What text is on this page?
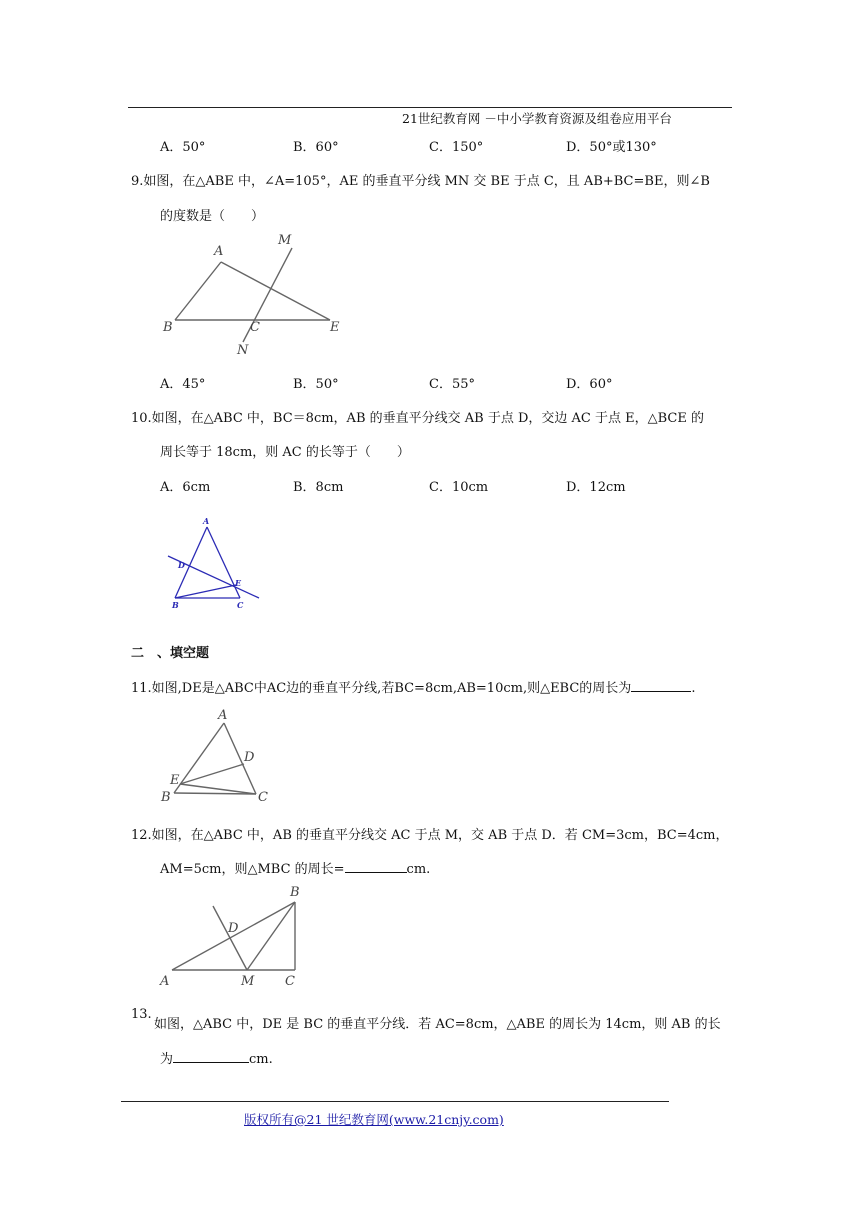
21世纪教育网 －中小学教育资源及组卷应用平台
A．50°	B．60°	C．150°	D．50°或130°
9.如图，在△ABE 中，∠A=105°，AE 的垂直平分线 MN 交 BE 于点 C，且 AB+BC=BE，则∠B
的度数是（　　）
A
M
B	C	E
N
A．45°	B．50°	C．55°	D．60°
10.如图，在△ABC 中，BC＝8cm，AB 的垂直平分线交 AB 于点 D，交边 AC 于点 E，△BCE 的
周长等于 18cm，则 AC 的长等于（　　）
A．6cm	B．8cm	C．10cm	D．12cm
A
D
E
B	C
二　、填空题
11.如图,DE是△ABC中AC边的垂直平分线,若BC=8cm,AB=10cm,则△EBC的周长为	.
A
D
E
B	C
12.如图，在△ABC 中，AB 的垂直平分线交 AC 于点 M，交 AB 于点 D．若 CM=3cm，BC=4cm，
AM=5cm，则△MBC 的周长=	cm.
B
D
A	M C
13.
如图，△ABC 中，DE 是 BC 的垂直平分线．若 AC=8cm，△ABE 的周长为 14cm，则 AB 的长
为	cm.
版权所有@21 世纪教育网(www.21cnjy.com)
